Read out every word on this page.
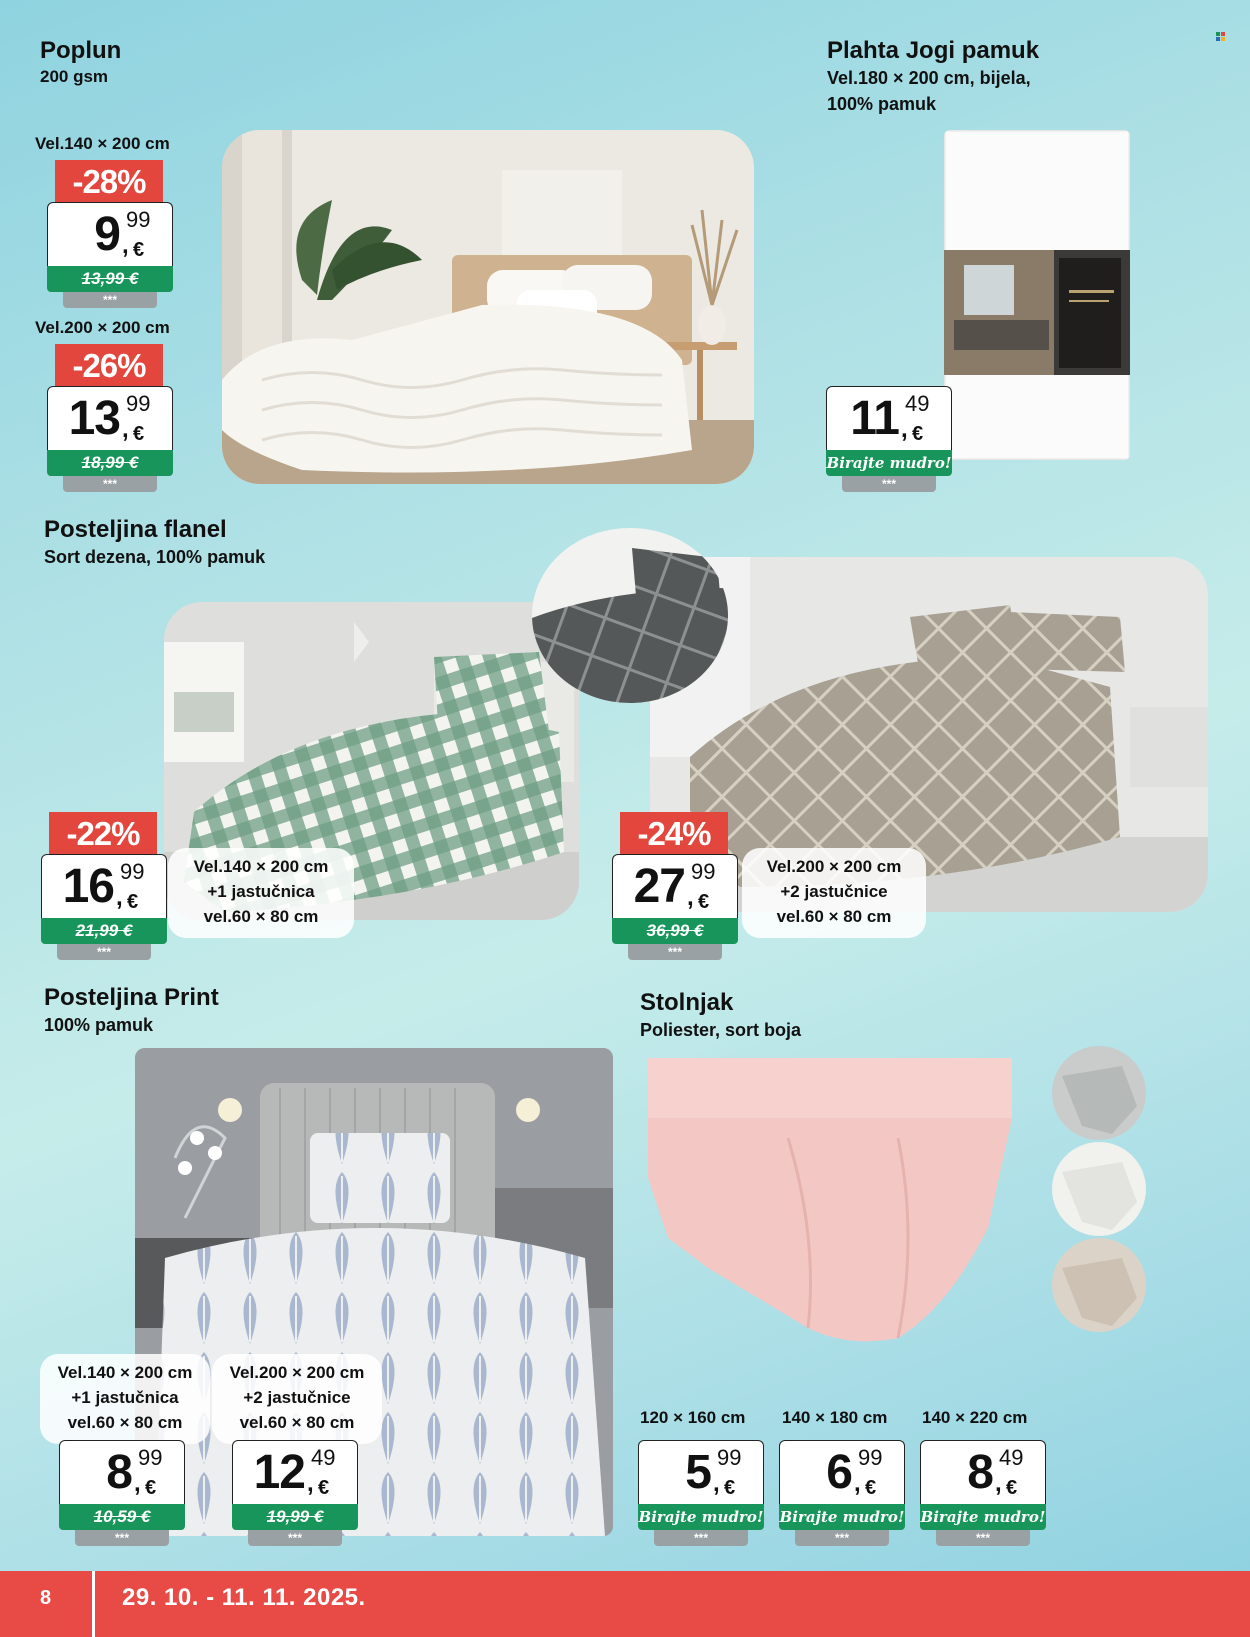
Poplun
200 gsm
Vel.140 × 200 cm
Vel.200 × 200 cm
-28%
9 99
, €
13,99 €
***
-26%
13 99
, €
18,99 €
***
Plahta Jogi pamuk
Vel.180 × 200 cm, bijela,
100% pamuk
11 49
, €
Birajte mudro!
***
Posteljina flanel
Sort dezena, 100% pamuk
-22%
16 99
, €
21,99 €
***
Vel.140 × 200 cm
+1 jastučnica
vel.60 × 80 cm
-24%
27 99
, €
36,99 €
***
Vel.200 × 200 cm
+2 jastučnice
vel.60 × 80 cm
Posteljina Print
100% pamuk
Vel.140 × 200 cm
+1 jastučnica
vel.60 × 80 cm
Vel.200 × 200 cm
+2 jastučnice
vel.60 × 80 cm
8 99
, €
10,59 €
***
12 49
, €
19,99 €
***
Stolnjak
Poliester, sort boja
120 × 160 cm 140 × 180 cm 140 × 220 cm
5 99
, €
Birajte mudro!
***
6 99
, €
Birajte mudro!
***
8 49
, €
Birajte mudro!
***
8	29. 10. - 11. 11. 2025.
